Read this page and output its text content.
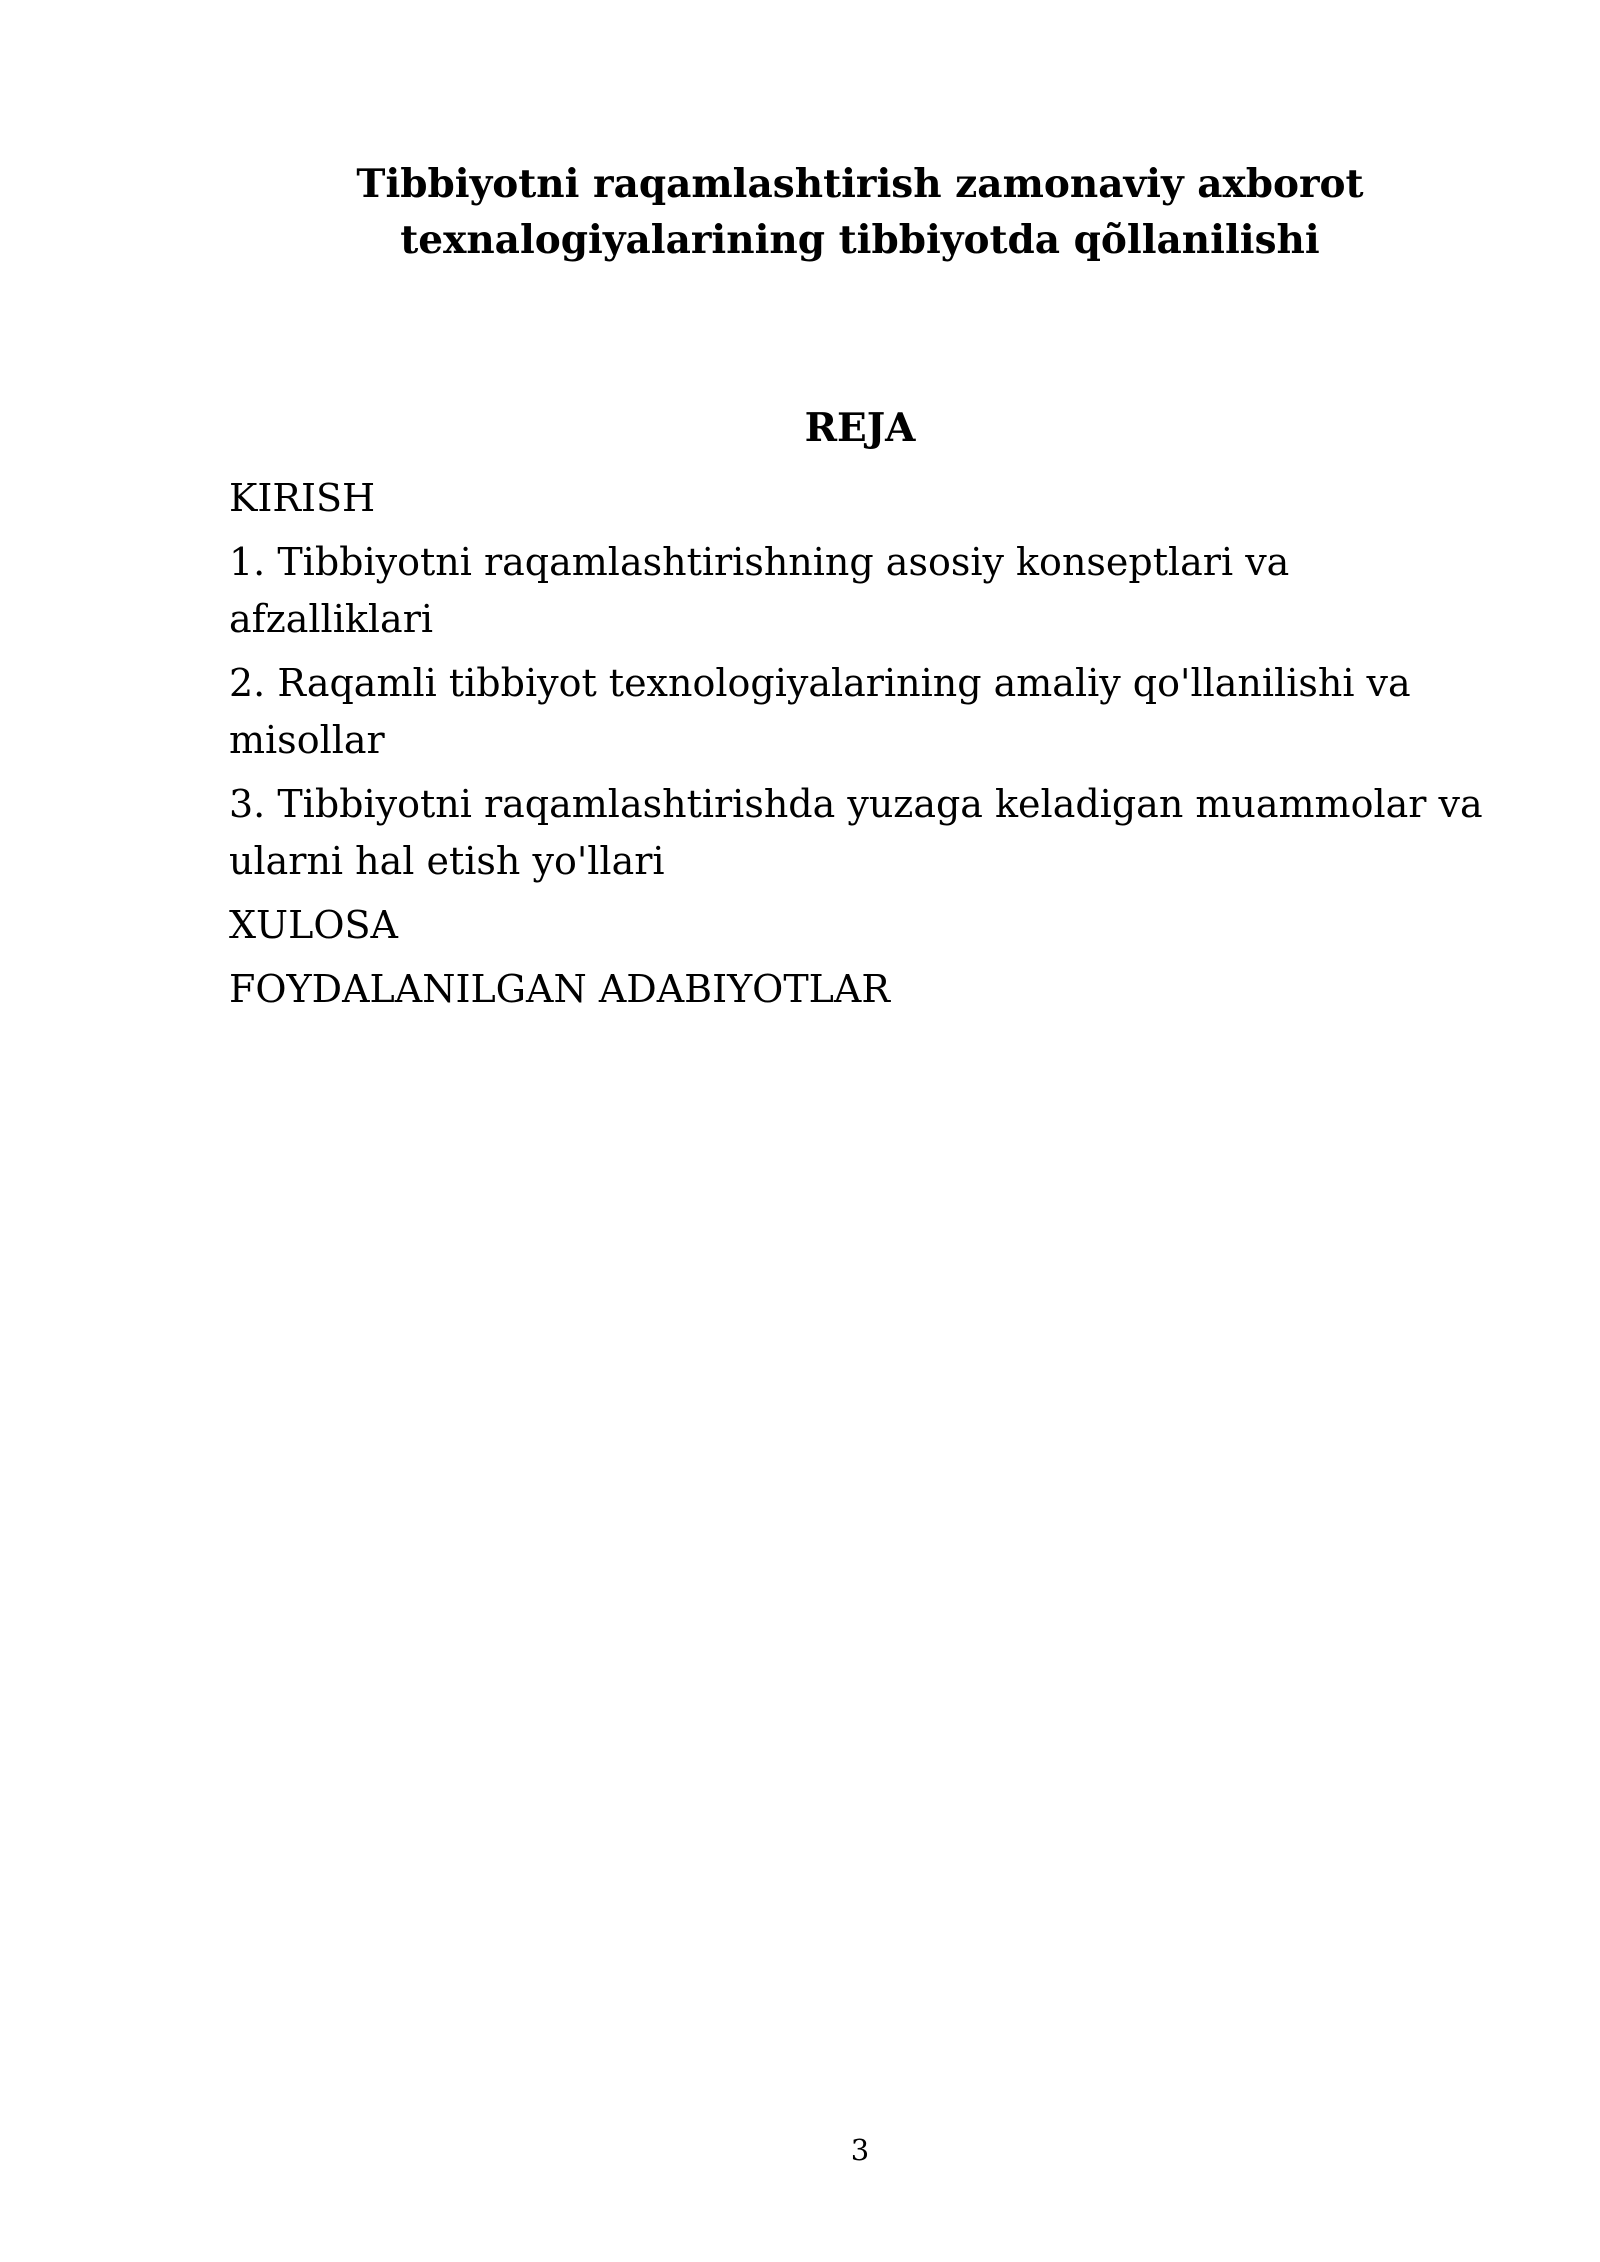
Tibbiyotni raqamlashtirish zamonaviy axborot
texnalogiyalarining tibbiyotda qõllanilishi
REJA
KIRISH
1. Tibbiyotni raqamlashtirishning asosiy konseptlari va afzalliklari
2. Raqamli tibbiyot texnologiyalarining amaliy qo'llanilishi va misollar
3. Tibbiyotni raqamlashtirishda yuzaga keladigan muammolar va ularni hal etish yo'llari
XULOSA
FOYDALANILGAN ADABIYOTLAR
3
